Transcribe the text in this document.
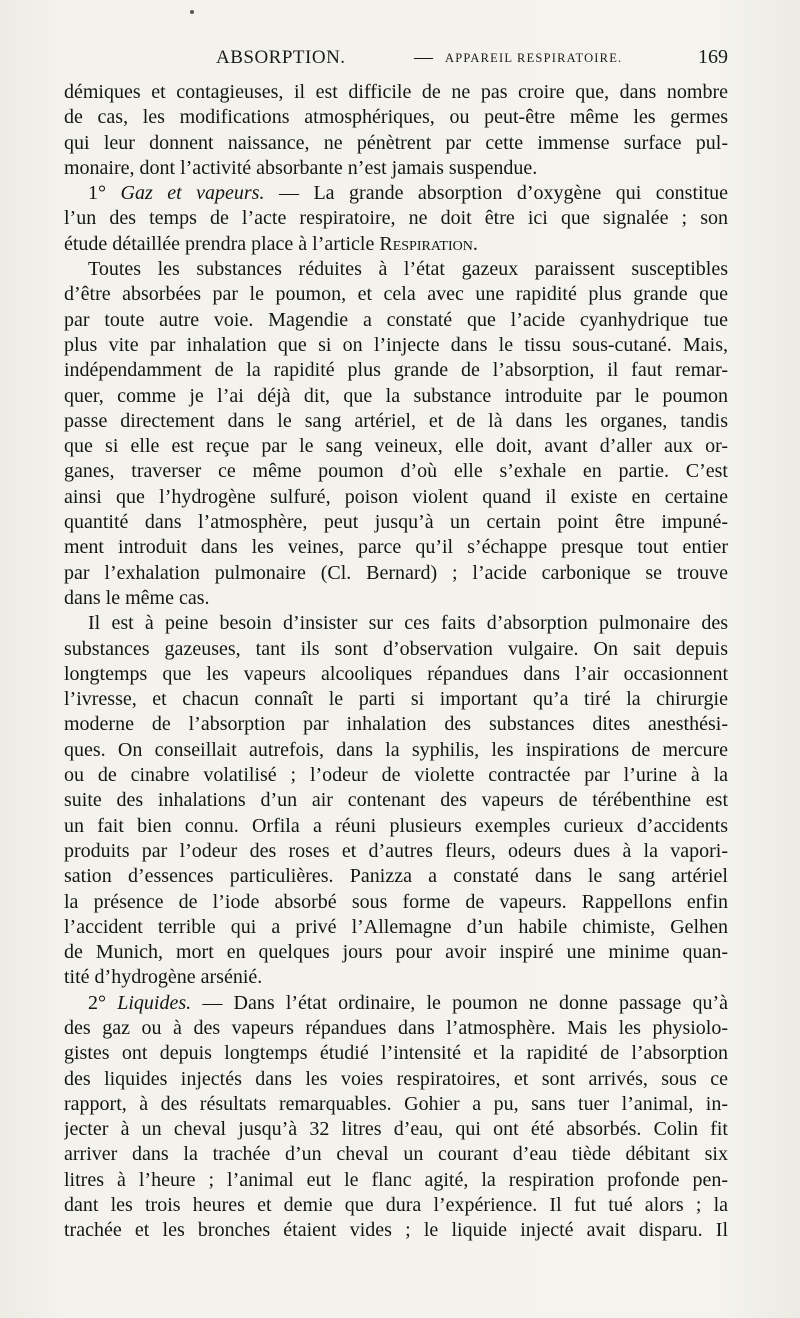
ABSORPTION.	— APPAREIL RESPIRATOIRE.	169
démiques et contagieuses, il est difficile de ne pas croire que, dans nombre
de cas, les modifications atmosphériques, ou peut-être même les germes
qui leur donnent naissance, ne pénètrent par cette immense surface pul-
monaire, dont l’activité absorbante n’est jamais suspendue.
1° Gaz et vapeurs. — La grande absorption d’oxygène qui constitue
l’un des temps de l’acte respiratoire, ne doit être ici que signalée ; son
étude détaillée prendra place à l’article Respiration.
Toutes les substances réduites à l’état gazeux paraissent susceptibles
d’être absorbées par le poumon, et cela avec une rapidité plus grande que
par toute autre voie. Magendie a constaté que l’acide cyanhydrique tue
plus vite par inhalation que si on l’injecte dans le tissu sous-cutané. Mais,
indépendamment de la rapidité plus grande de l’absorption, il faut remar-
quer, comme je l’ai déjà dit, que la substance introduite par le poumon
passe directement dans le sang artériel, et de là dans les organes, tandis
que si elle est reçue par le sang veineux, elle doit, avant d’aller aux or-
ganes, traverser ce même poumon d’où elle s’exhale en partie. C’est
ainsi que l’hydrogène sulfuré, poison violent quand il existe en certaine
quantité dans l’atmosphère, peut jusqu’à un certain point être impuné-
ment introduit dans les veines, parce qu’il s’échappe presque tout entier
par l’exhalation pulmonaire (Cl. Bernard) ; l’acide carbonique se trouve
dans le même cas.
Il est à peine besoin d’insister sur ces faits d’absorption pulmonaire des
substances gazeuses, tant ils sont d’observation vulgaire. On sait depuis
longtemps que les vapeurs alcooliques répandues dans l’air occasionnent
l’ivresse, et chacun connaît le parti si important qu’a tiré la chirurgie
moderne de l’absorption par inhalation des substances dites anesthési-
ques. On conseillait autrefois, dans la syphilis, les inspirations de mercure
ou de cinabre volatilisé ; l’odeur de violette contractée par l’urine à la
suite des inhalations d’un air contenant des vapeurs de térébenthine est
un fait bien connu. Orfila a réuni plusieurs exemples curieux d’accidents
produits par l’odeur des roses et d’autres fleurs, odeurs dues à la vapori-
sation d’essences particulières. Panizza a constaté dans le sang artériel
la présence de l’iode absorbé sous forme de vapeurs. Rappellons enfin
l’accident terrible qui a privé l’Allemagne d’un habile chimiste, Gelhen
de Munich, mort en quelques jours pour avoir inspiré une minime quan-
tité d’hydrogène arsénié.
2° Liquides. — Dans l’état ordinaire, le poumon ne donne passage qu’à
des gaz ou à des vapeurs répandues dans l’atmosphère. Mais les physiolo-
gistes ont depuis longtemps étudié l’intensité et la rapidité de l’absorption
des liquides injectés dans les voies respiratoires, et sont arrivés, sous ce
rapport, à des résultats remarquables. Gohier a pu, sans tuer l’animal, in-
jecter à un cheval jusqu’à 32 litres d’eau, qui ont été absorbés. Colin fit
arriver dans la trachée d’un cheval un courant d’eau tiède débitant six
litres à l’heure ; l’animal eut le flanc agité, la respiration profonde pen-
dant les trois heures et demie que dura l’expérience. Il fut tué alors ; la
trachée et les bronches étaient vides ; le liquide injecté avait disparu. Il
